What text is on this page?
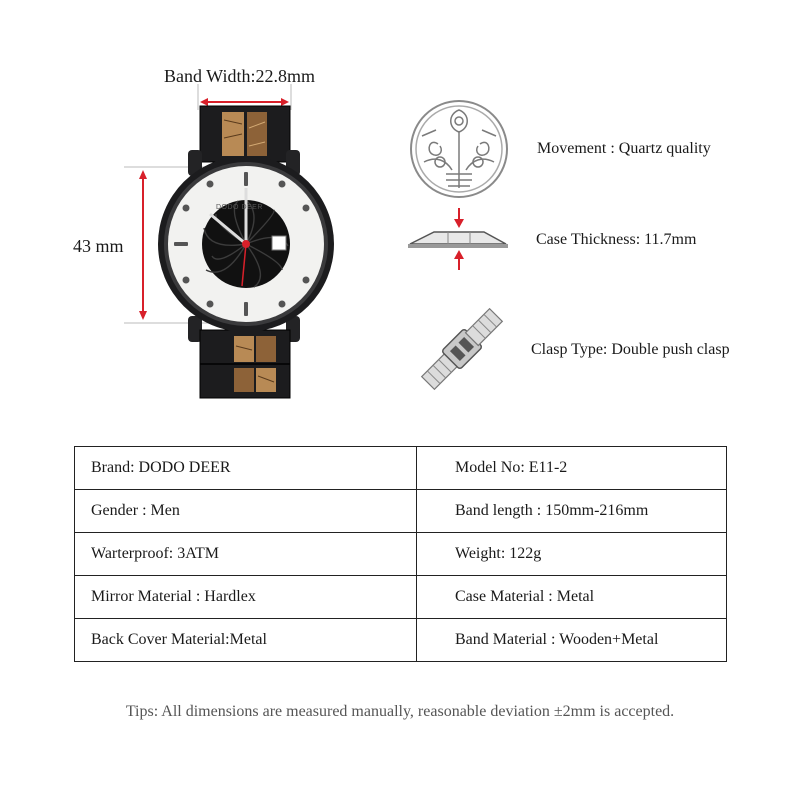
Band Width:22.8mm
43 mm
DODO DEER
Movement : Quartz quality
Case Thickness: 11.7mm
Clasp Type: Double push clasp
Brand: DODO DEER	Model No: E11-2
Gender : Men	Band length : 150mm-216mm
Warterproof: 3ATM	Weight: 122g
Mirror Material : Hardlex	Case Material : Metal
Back Cover Material:Metal	Band Material : Wooden+Metal
Tips: All dimensions are measured manually, reasonable deviation ±2mm is accepted.
